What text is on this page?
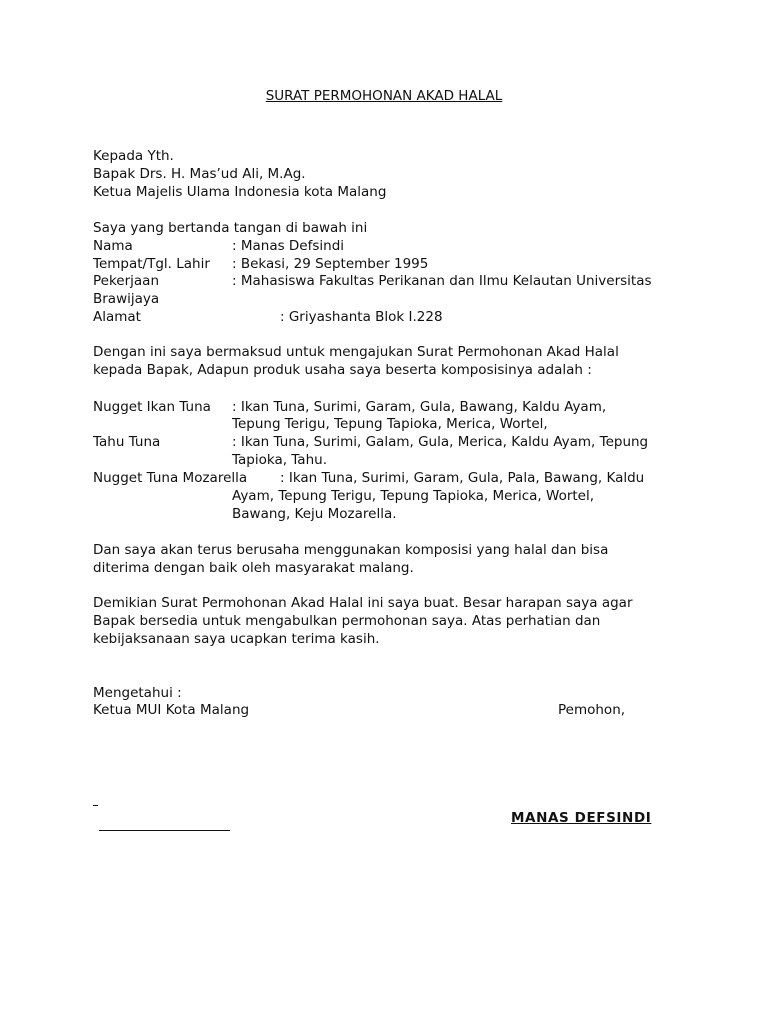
SURAT PERMOHONAN AKAD HALAL
Kepada Yth.
Bapak Drs. H. Mas’ud Ali, M.Ag.
Ketua Majelis Ulama Indonesia kota Malang
Saya yang bertanda tangan di bawah ini
Nama	: Manas Defsindi
Tempat/Tgl. Lahir : Bekasi, 29 September 1995
Pekerjaan	: Mahasiswa Fakultas Perikanan dan Ilmu Kelautan Universitas
Brawijaya
Alamat	: Griyashanta Blok I.228
Dengan ini saya bermaksud untuk mengajukan Surat Permohonan Akad Halal
kepada Bapak, Adapun produk usaha saya beserta komposisinya adalah :
Nugget Ikan Tuna : Ikan Tuna, Surimi, Garam, Gula, Bawang, Kaldu Ayam,
Tepung Terigu, Tepung Tapioka, Merica, Wortel,
Tahu Tuna	: Ikan Tuna, Surimi, Galam, Gula, Merica, Kaldu Ayam, Tepung
Tapioka, Tahu.
Nugget Tuna Mozarella : Ikan Tuna, Surimi, Garam, Gula, Pala, Bawang, Kaldu
Ayam, Tepung Terigu, Tepung Tapioka, Merica, Wortel,
Bawang, Keju Mozarella.
Dan saya akan terus berusaha menggunakan komposisi yang halal dan bisa
diterima dengan baik oleh masyarakat malang.
Demikian Surat Permohonan Akad Halal ini saya buat. Besar harapan saya agar
Bapak bersedia untuk mengabulkan permohonan saya. Atas perhatian dan
kebijaksanaan saya ucapkan terima kasih.
Mengetahui :
Ketua MUI Kota Malang	Pemohon,
MANAS DEFSINDI
